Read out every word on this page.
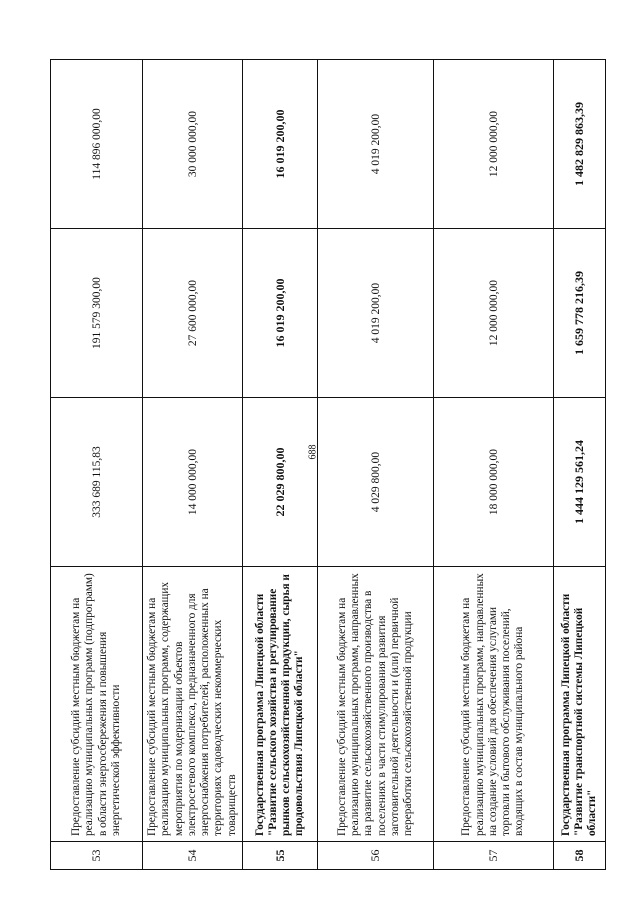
688
53	Предоставление субсидий местным бюджетам на реализацию муниципальных программ (подпрограмм) в области энергосбережения и повышения энергетической эффективности	333 689 115,83	191 579 300,00	114 896 000,00
54	Предоставление субсидий местным бюджетам на реализацию муниципальных программ, содержащих мероприятия по модернизации объектов электросетевого комплекса, предназначенного для энергоснабжения потребителей, расположенных на территориях садоводческих некоммерческих товариществ	14 000 000,00	27 600 000,00	30 000 000,00
55	Государственная программа Липецкой области "Развитие сельского хозяйства и регулирование рынков сельскохозяйственной продукции, сырья и продовольствия Липецкой области"	22 029 800,00	16 019 200,00	16 019 200,00
56	Предоставление субсидий местным бюджетам на реализацию муниципальных программ, направленных на развитие сельскохозяйственного производства в поселениях в части стимулирования развития заготовительной деятельности и (или) первичной переработки сельскохозяйственной продукции	4 029 800,00	4 019 200,00	4 019 200,00
57	Предоставление субсидий местным бюджетам на реализацию муниципальных программ, направленных на создание условий для обеспечения услугами торговли и бытового обслуживания поселений, входящих в состав муниципального района	18 000 000,00	12 000 000,00	12 000 000,00
58	Государственная программа Липецкой области "Развитие транспортной системы Липецкой области"	1 444 129 561,24	1 659 778 216,39	1 482 829 863,39
